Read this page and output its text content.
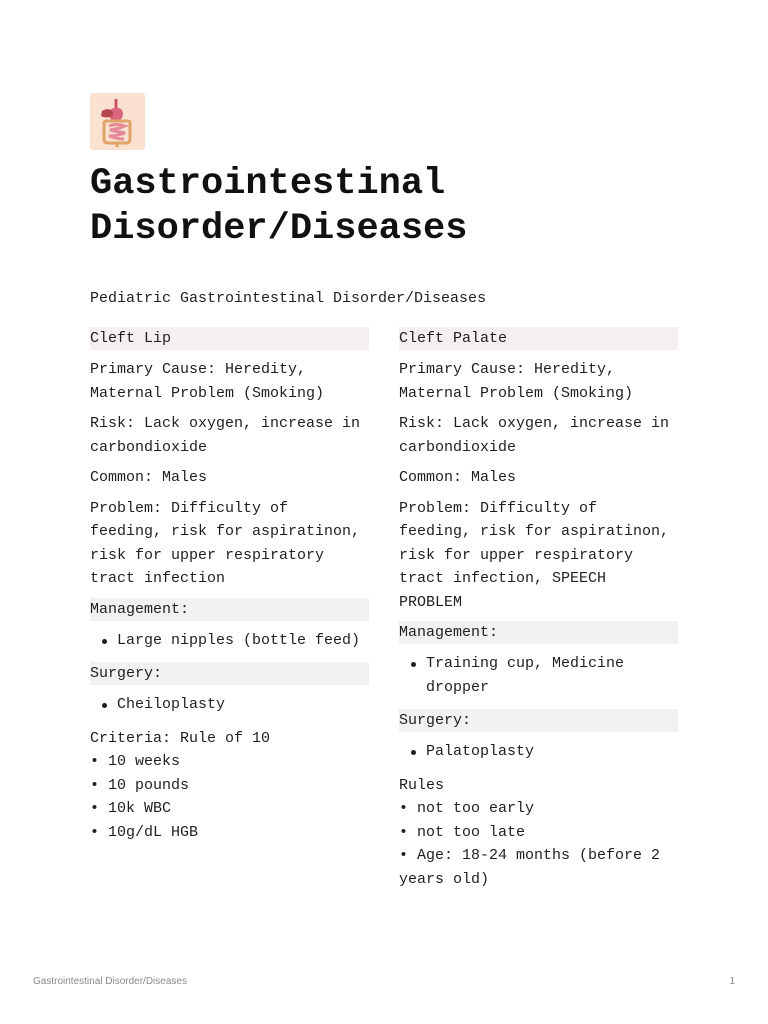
Gastrointestinal Disorder/Diseases

Pediatric Gastrointestinal Disorder/Diseases

Cleft Lip

Primary Cause: Heredity, Maternal Problem (Smoking)

Risk: Lack oxygen, increase in carbondioxide

Common: Males

Problem: Difficulty of feeding, risk for aspiratinon, risk for upper respiratory tract infection

Management:
Large nipples (bottle feed)
Surgery:
Cheiloplasty

Criteria: Rule of 10
• 10 weeks
• 10 pounds
• 10k WBC
• 10g/dL HGB

Cleft Palate

Primary Cause: Heredity, Maternal Problem (Smoking)

Risk: Lack oxygen, increase in carbondioxide

Common: Males

Problem: Difficulty of feeding, risk for aspiratinon, risk for upper respiratory tract infection, SPEECH PROBLEM

Management:
Training cup, Medicine dropper
Surgery:
Palatoplasty

Rules
• not too early
• not too late
• Age: 18-24 months (before 2 years old)

Gastrointestinal Disorder/Diseases	1
